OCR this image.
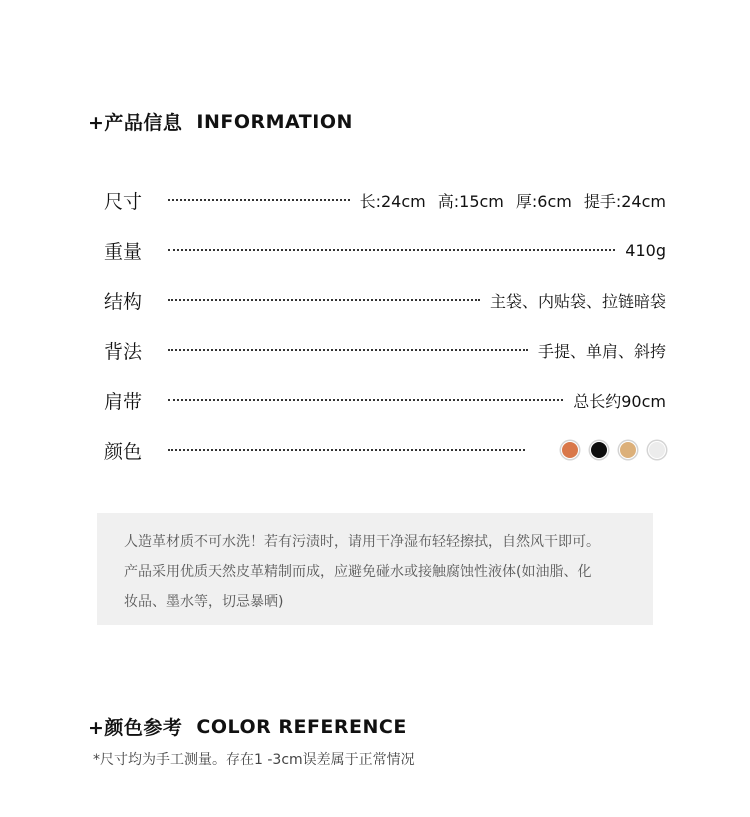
+产品信息 INFORMATION
尺寸	长:24cm 高:15cm 厚:6cm 提手:24cm
重量	410g
结构	主袋、内贴袋、拉链暗袋
背法	手提、单肩、斜挎
肩带	总长约90cm
颜色
人造革材质不可水洗！若有污渍时，请用干净湿布轻轻擦拭，自然风干即可。
产品采用优质天然皮革精制而成，应避免碰水或接触腐蚀性液体(如油脂、化
妆品、墨水等，切忌暴晒)
+颜色参考 COLOR REFERENCE
*尺寸均为手工测量。存在1 -3cm误差属于正常情况
